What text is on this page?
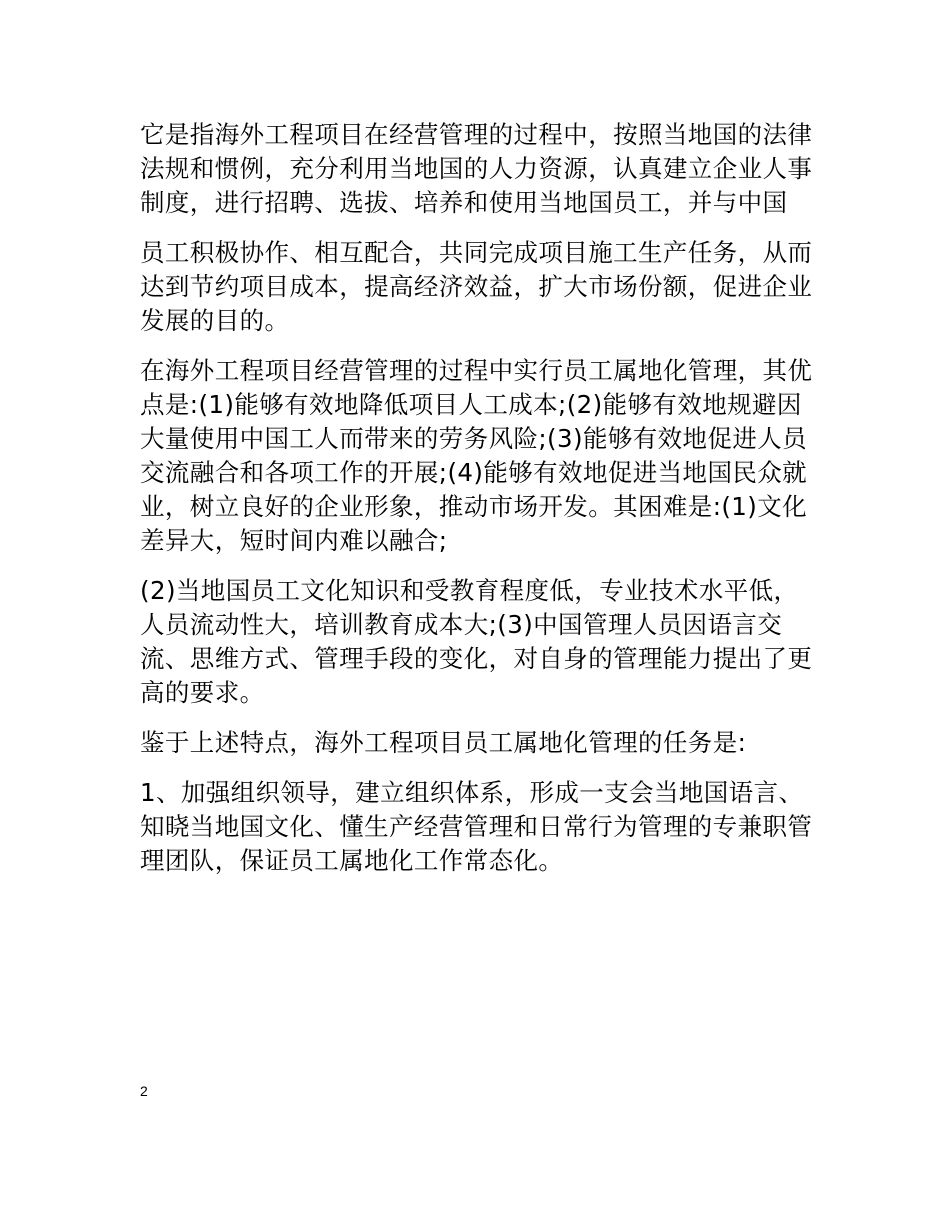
它是指海外工程项目在经营管理的过程中，按照当地国的法律法规和惯例，充分利用当地国的人力资源，认真建立企业人事制度，进行招聘、选拔、培养和使用当地国员工，并与中国

员工积极协作、相互配合，共同完成项目施工生产任务，从而达到节约项目成本，提高经济效益，扩大市场份额，促进企业发展的目的。

在海外工程项目经营管理的过程中实行员工属地化管理，其优点是:(1)能够有效地降低项目人工成本;(2)能够有效地规避因大量使用中国工人而带来的劳务风险;(3)能够有效地促进人员交流融合和各项工作的开展;(4)能够有效地促进当地国民众就业，树立良好的企业形象，推动市场开发。其困难是:(1)文化差异大，短时间内难以融合;

(2)当地国员工文化知识和受教育程度低，专业技术水平低，人员流动性大，培训教育成本大;(3)中国管理人员因语言交流、思维方式、管理手段的变化，对自身的管理能力提出了更高的要求。

鉴于上述特点，海外工程项目员工属地化管理的任务是:

1、加强组织领导，建立组织体系，形成一支会当地国语言、知晓当地国文化、懂生产经营管理和日常行为管理的专兼职管理团队，保证员工属地化工作常态化。

2
